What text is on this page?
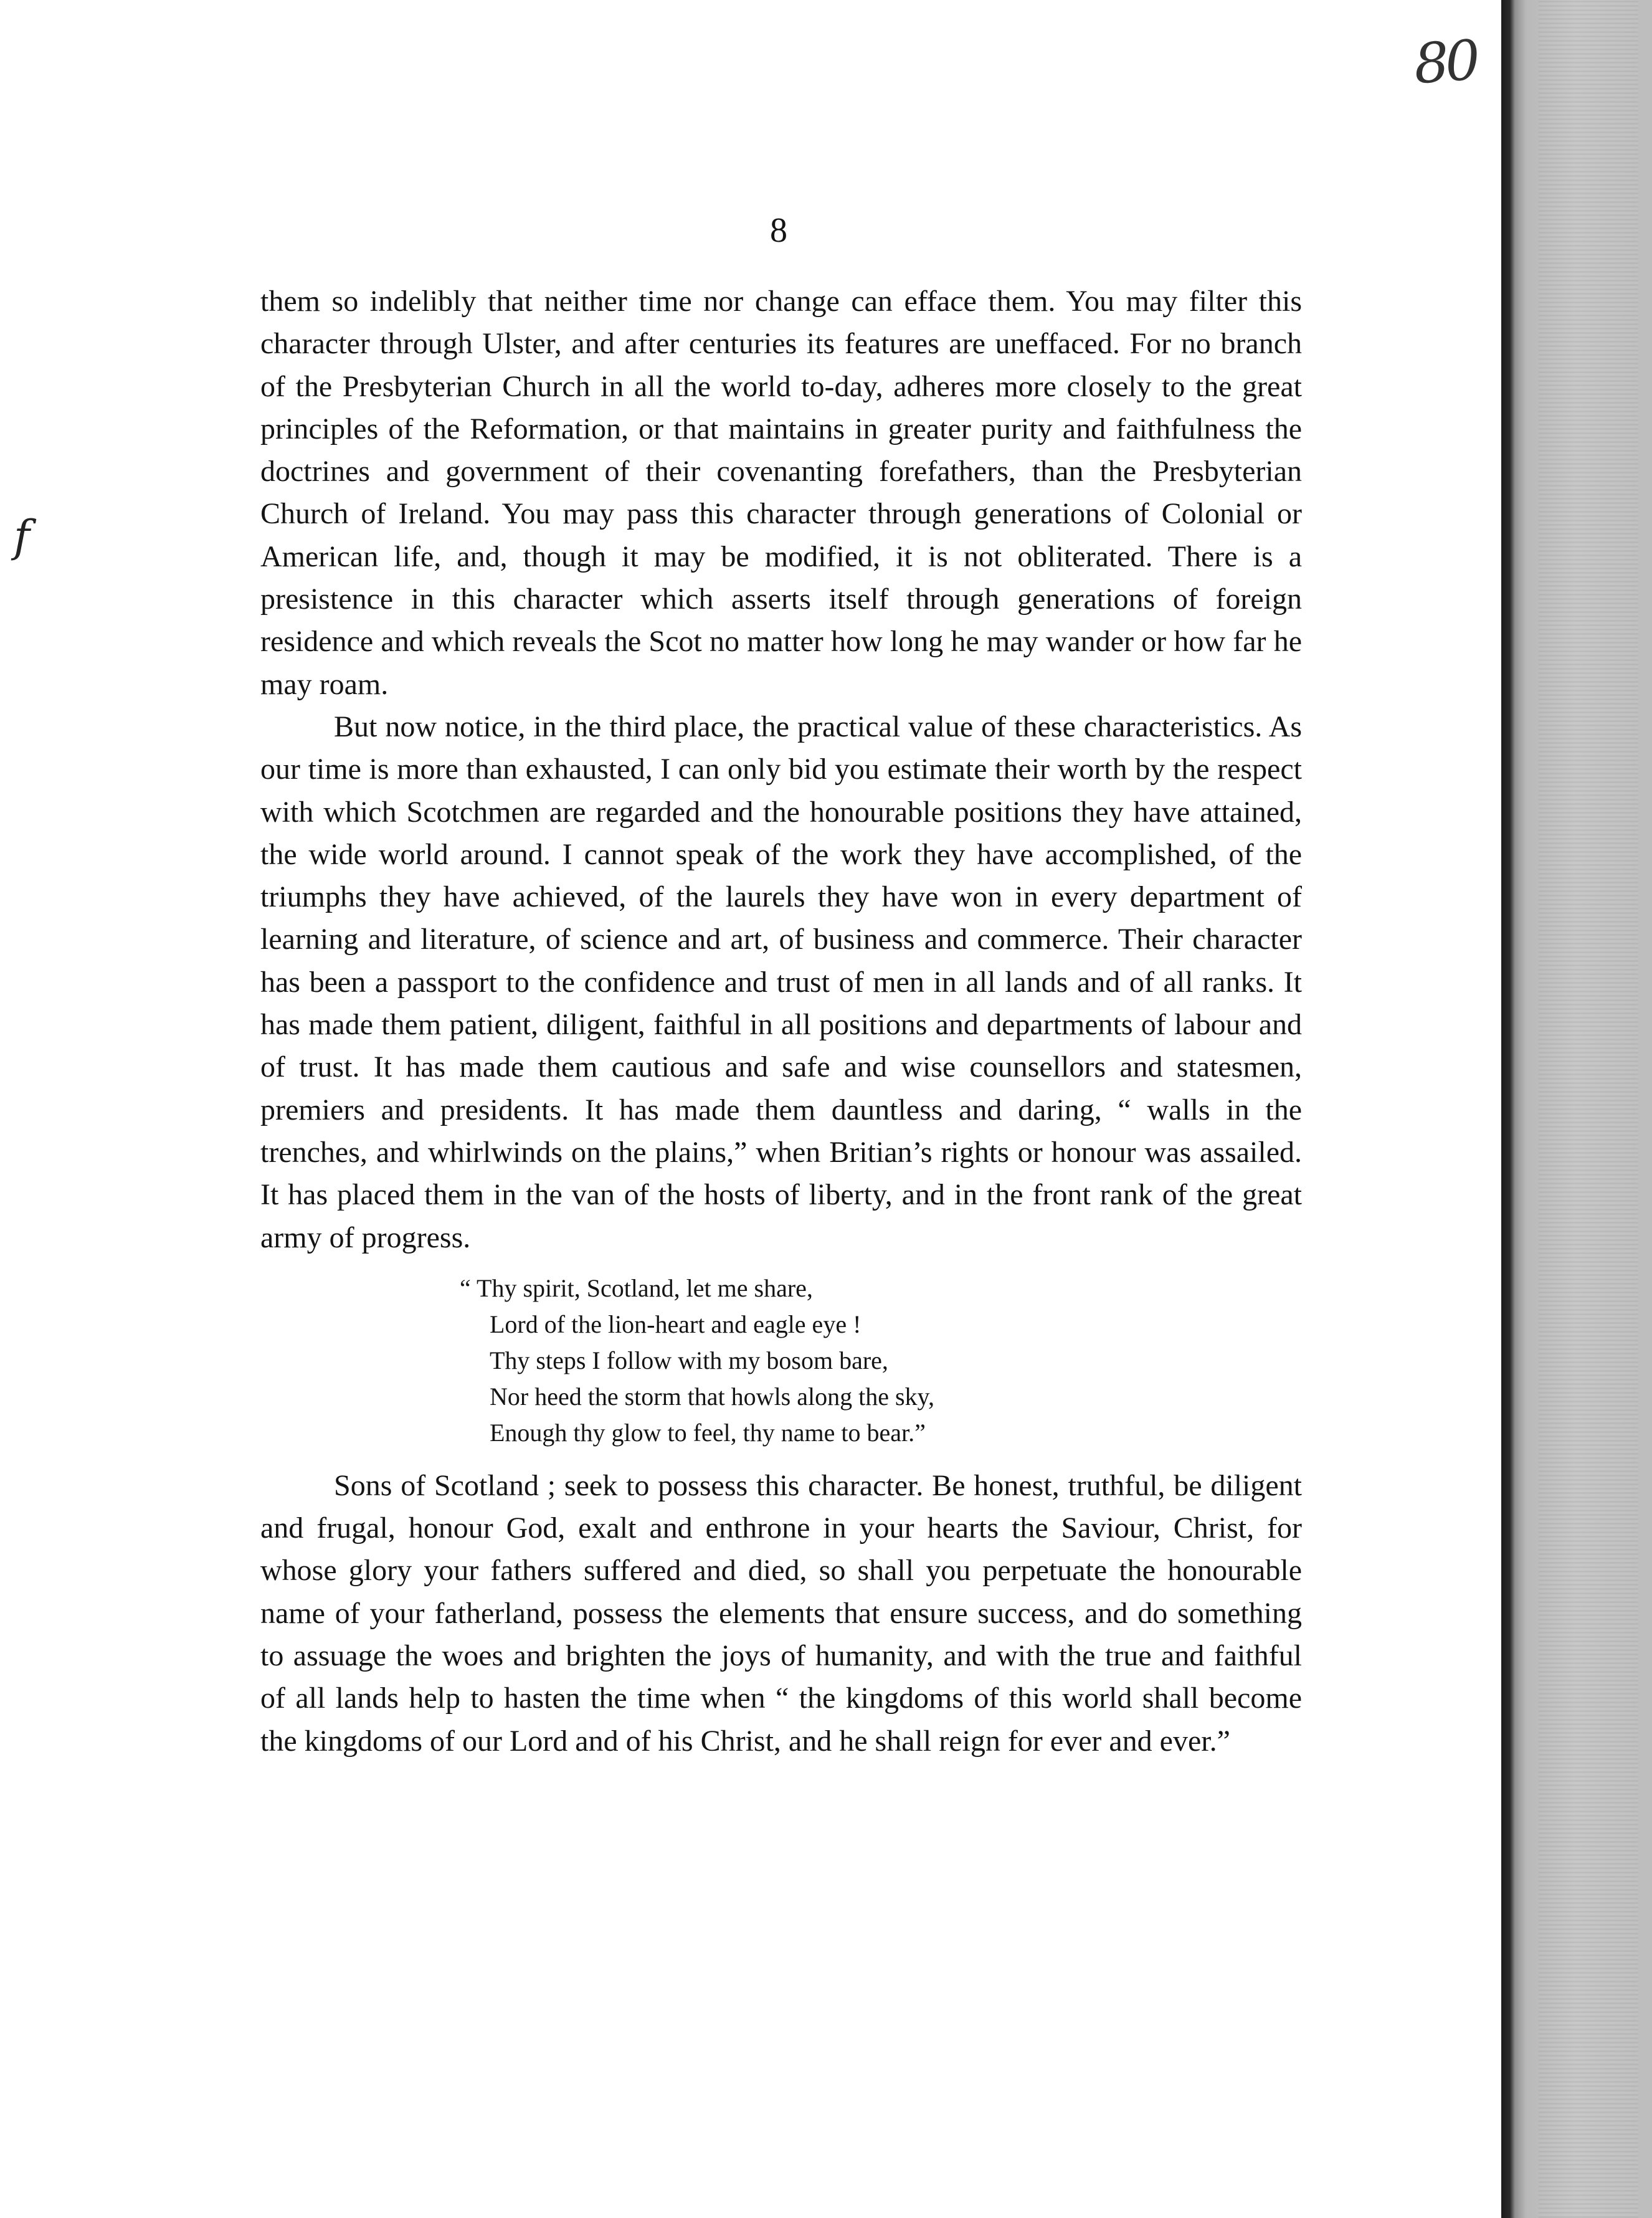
𝑓
8

them so indelibly that neither time nor change can efface them. You may filter this character through Ulster, and after centuries its features are uneffaced. For no branch of the Presbyterian Church in all the world to-day, adheres more closely to the great principles of the Reformation, or that maintains in greater purity and faithfulness the doctrines and government of their covenanting forefathers, than the Presbyterian Church of Ireland. You may pass this character through generations of Colonial or American life, and, though it may be modified, it is not obliterated. There is a presistence in this character which asserts itself through generations of foreign residence and which reveals the Scot no matter how long he may wander or how far he may roam.

But now notice, in the third place, the practical value of these characteristics. As our time is more than exhausted, I can only bid you estimate their worth by the respect with which Scotchmen are regarded and the honourable positions they have attained, the wide world around. I cannot speak of the work they have accomplished, of the triumphs they have achieved, of the laurels they have won in every department of learning and literature, of science and art, of business and commerce. Their character has been a passport to the confidence and trust of men in all lands and of all ranks. It has made them patient, diligent, faithful in all positions and departments of labour and of trust. It has made them cautious and safe and wise counsellors and statesmen, premiers and presidents. It has made them dauntless and daring, “ walls in the trenches, and whirlwinds on the plains,” when Britian’s rights or honour was assailed. It has placed them in the van of the hosts of liberty, and in the front rank of the great army of progress.

“ Thy spirit, Scotland, let me share,
Lord of the lion-heart and eagle eye !
Thy steps I follow with my bosom bare,
Nor heed the storm that howls along the sky,
Enough thy glow to feel, thy name to bear.”

Sons of Scotland ; seek to possess this character. Be honest, truthful, be diligent and frugal, honour God, exalt and enthrone in your hearts the Saviour, Christ, for whose glory your fathers suffered and died, so shall you perpetuate the honourable name of your fatherland, possess the elements that ensure success, and do something to assuage the woes and brighten the joys of humanity, and with the true and faithful of all lands help to hasten the time when “ the kingdoms of this world shall become the kingdoms of our Lord and of his Christ, and he shall reign for ever and ever.”

80
